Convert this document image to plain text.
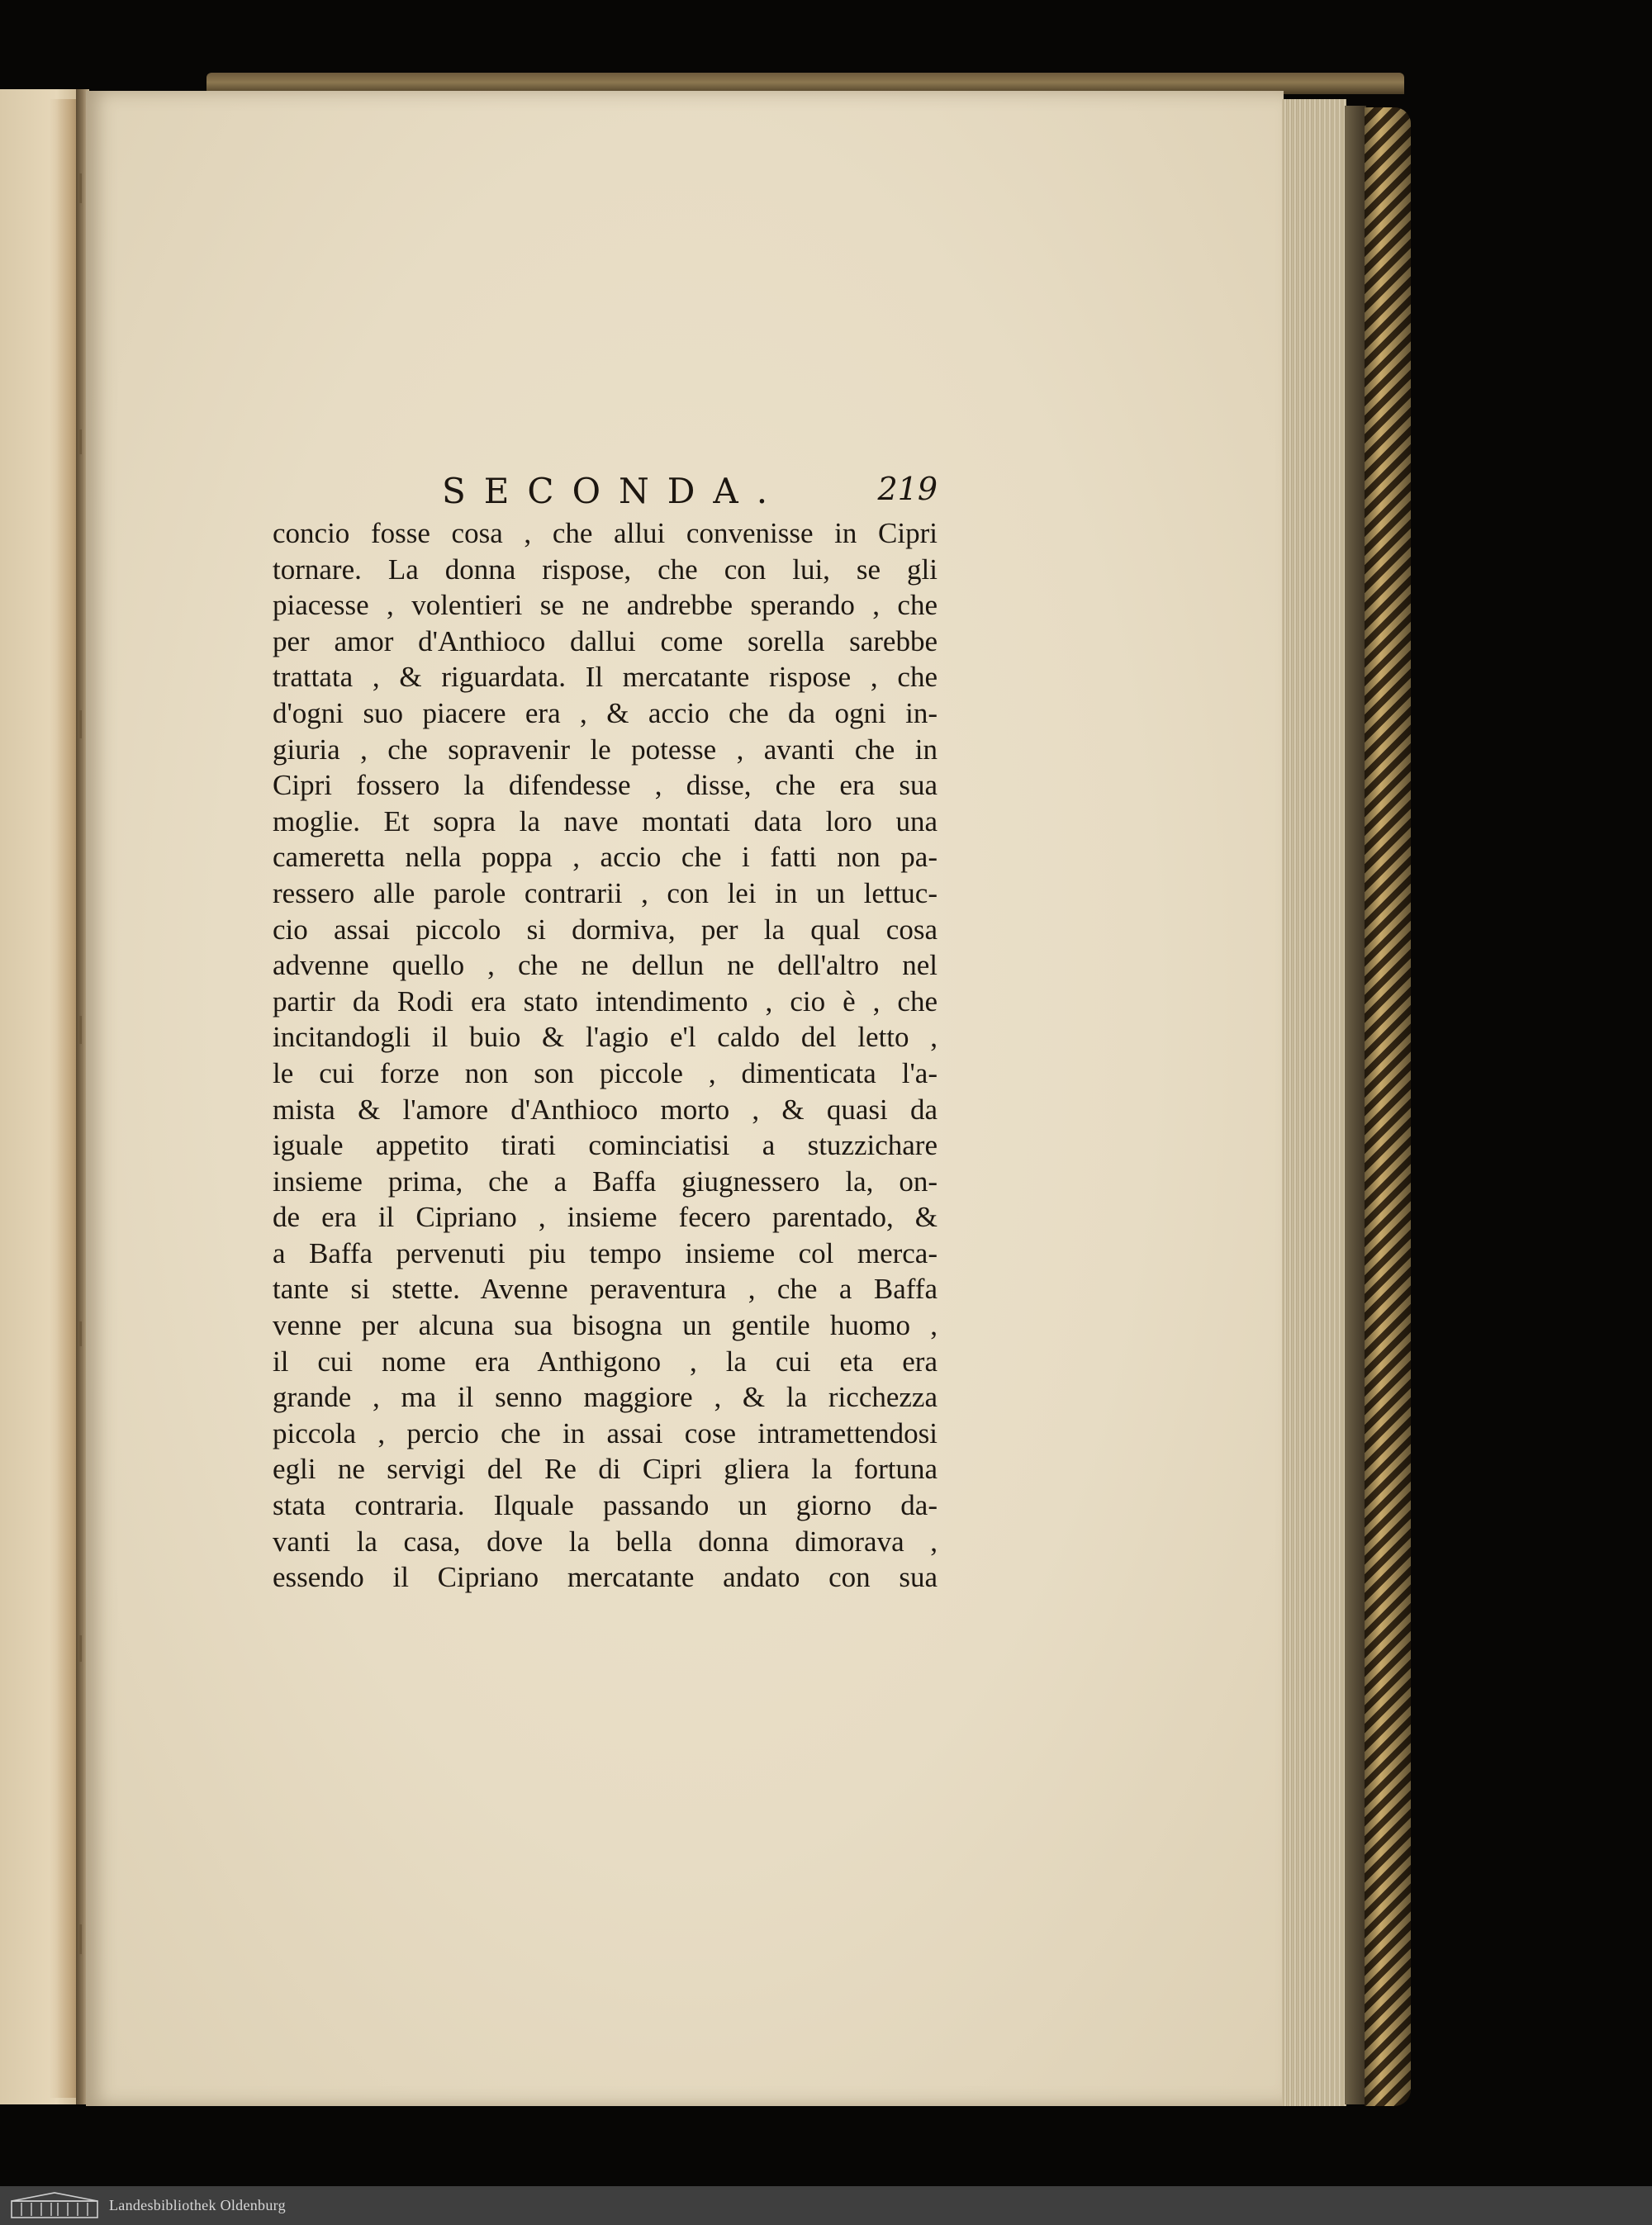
SECONDA.	219
concio fosse cosa , che allui convenisse in Cipri
tornare. La donna risposе, che con lui, se gli
piacesse , volentieri se ne andrebbe sperando , che
per amor d'Anthioco dallui come sorella sarebbe
trattata , & riguardata. Il mercatante rispose , che
d'ogni suo piacere era , & accio che da ogni in-
giuria , che sopravenir le potesse , avanti che in
Cipri fossero la difendesse , disse, che era sua
moglie. Et sopra la nave montati data loro una
cameretta nella poppa , accio che i fatti non pa-
ressero alle parole contrarii , con lei in un lettuc-
cio assai piccolo si dormiva, per la qual cosa
advenne quello , che ne dellun ne dell'altro nel
partir da Rodi era stato intendimento , cio è , che
incitandogli il buio & l'agio e'l caldo del letto ,
le cui forze non son piccole , dimenticata l'a-
mista & l'amore d'Anthioco morto , & quasi da
iguale appetito tirati cominciatisi a stuzzichare
insieme prima, che a Baffa giugnessero la, on-
de era il Cipriano , insieme fecero parentado, &
a Baffa pervenuti piu tempo insieme col merca-
tante si stette. Avenne peraventura , che a Baffa
venne per alcuna sua bisogna un gentile huomo ,
il cui nome era Anthigono , la cui eta era
grande , ma il senno maggiore , & la ricchezza
piccola , percio che in assai cose intramettendosi
egli ne servigi del Re di Cipri gliera la fortuna
stata contraria. Ilquale passando un giorno da-
vanti la casa, dove la bella donna dimorava ,
essendo il Cipriano mercatante andato con sua
Landesbibliothek Oldenburg
